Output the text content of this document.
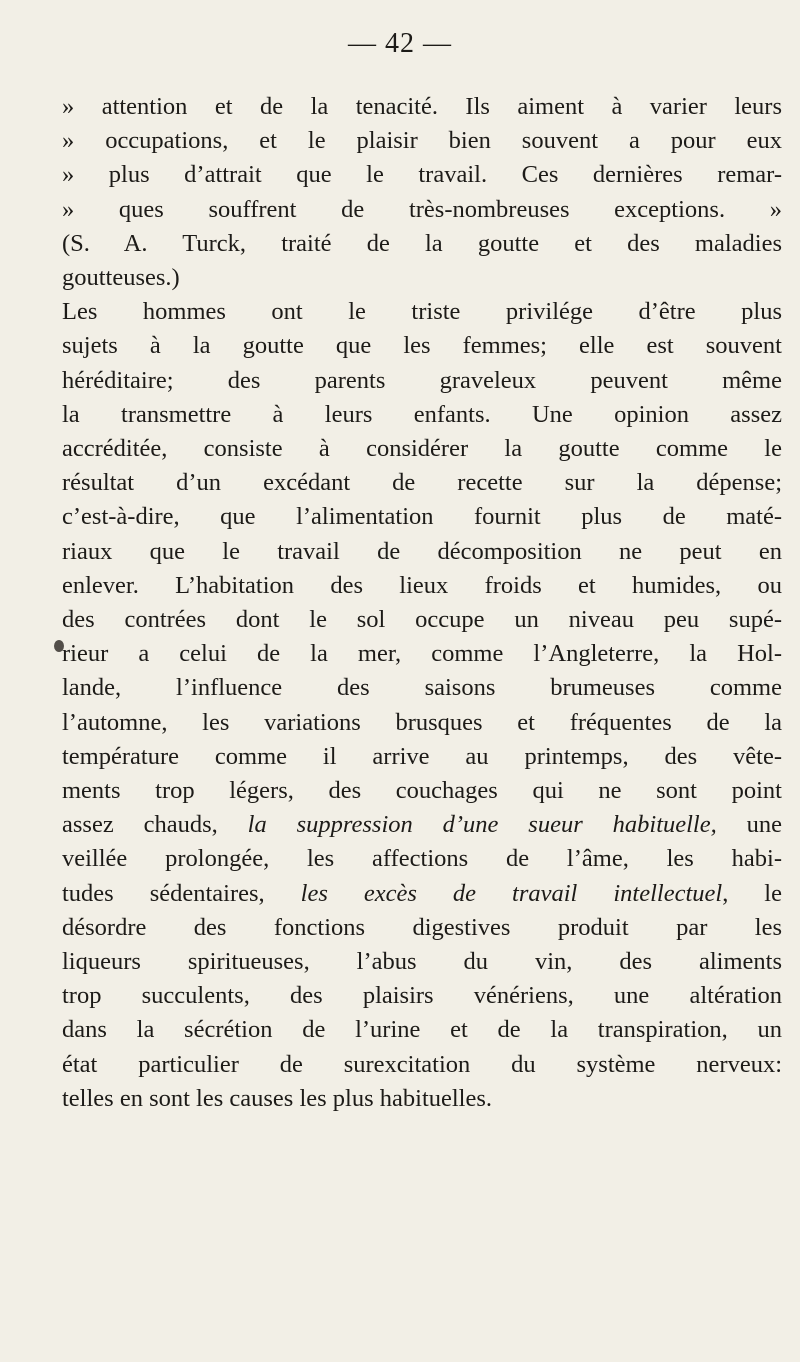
— 42 —
» attention et de la tenacité. Ils aiment à varier leurs
» occupations, et le plaisir bien souvent a pour eux
» plus d’attrait que le travail. Ces dernières remar-
» ques souffrent de très-nombreuses exceptions. »
(S. A. Turck, traité de la goutte et des maladies
goutteuses.)
Les hommes ont le triste privilége d’être plus
sujets à la goutte que les femmes; elle est souvent
héréditaire; des parents graveleux peuvent même
la transmettre à leurs enfants. Une opinion assez
accréditée, consiste à considérer la goutte comme le
résultat d’un excédant de recette sur la dépense;
c’est-à-dire, que l’alimentation fournit plus de maté-
riaux que le travail de décomposition ne peut en
enlever. L’habitation des lieux froids et humides, ou
des contrées dont le sol occupe un niveau peu supé-
rieur a celui de la mer, comme l’Angleterre, la Hol-
lande, l’influence des saisons brumeuses comme
l’automne, les variations brusques et fréquentes de la
température comme il arrive au printemps, des vête-
ments trop légers, des couchages qui ne sont point
assez chauds, la suppression d’une sueur habituelle, une
veillée prolongée, les affections de l’âme, les habi-
tudes sédentaires, les excès de travail intellectuel, le
désordre des fonctions digestives produit par les
liqueurs spiritueuses, l’abus du vin, des aliments
trop succulents, des plaisirs vénériens, une altération
dans la sécrétion de l’urine et de la transpiration, un
état particulier de surexcitation du système nerveux:
telles en sont les causes les plus habituelles.
